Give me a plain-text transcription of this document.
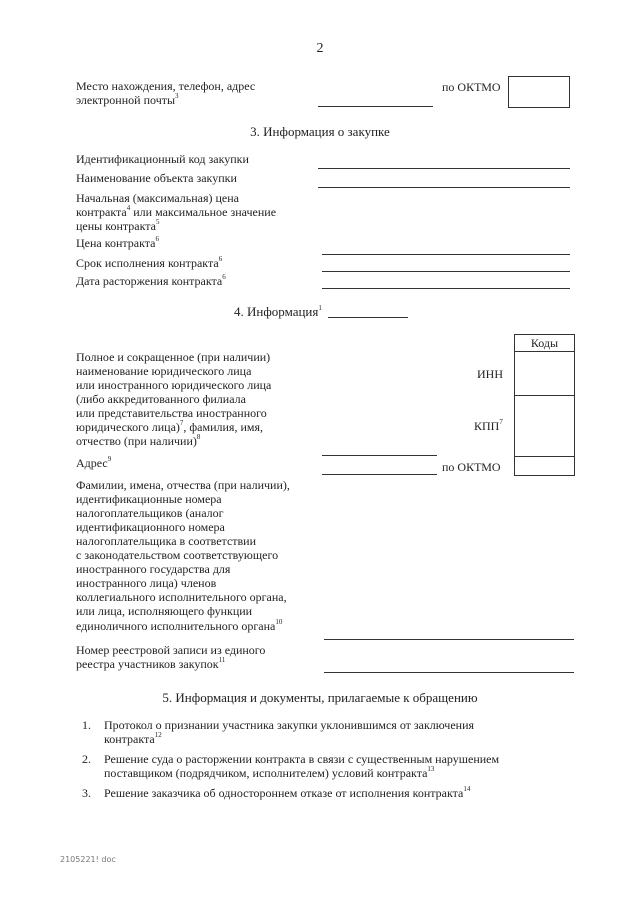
2
Место нахождения, телефон, адрес
электронной почты$^3$
по ОКТМО
3. Информация о закупке
Идентификационный код закупки
Наименование объекта закупки
Начальная (максимальная) цена
контракта$^4$ или максимальное значение
цены контракта$^5$
Цена контракта$^6$
Срок исполнения контракта$^6$
Дата расторжения контракта$^6$
4. Информация$^1$
Коды
ИНН
КПП$^7$
Полное и сокращенное (при наличии)
наименование юридического лица
или иностранного юридического лица
(либо аккредитованного филиала
или представительства иностранного
юридического лица)$^7$, фамилия, имя,
отчество (при наличии)$^8$
Адрес$^9$
по ОКТМО
Фамилии, имена, отчества (при наличии),
идентификационные номера
налогоплательщиков (аналог
идентификационного номера
налогоплательщика в соответствии
с законодательством соответствующего
иностранного государства для
иностранного лица) членов
коллегиального исполнительного органа,
или лица, исполняющего функции
единоличного исполнительного органа$^{10}$
Номер реестровой записи из единого
реестра участников закупок$^{11}$
5. Информация и документы, прилагаемые к обращению
1. Протокол о признании участника закупки уклонившимся от заключения
контракта$^{12}$
2. Решение суда о расторжении контракта в связи с существенным нарушением
поставщиком (подрядчиком, исполнителем) условий контракта$^{13}$
3. Решение заказчика об одностороннем отказе от исполнения контракта$^{14}$
2105221! doc
